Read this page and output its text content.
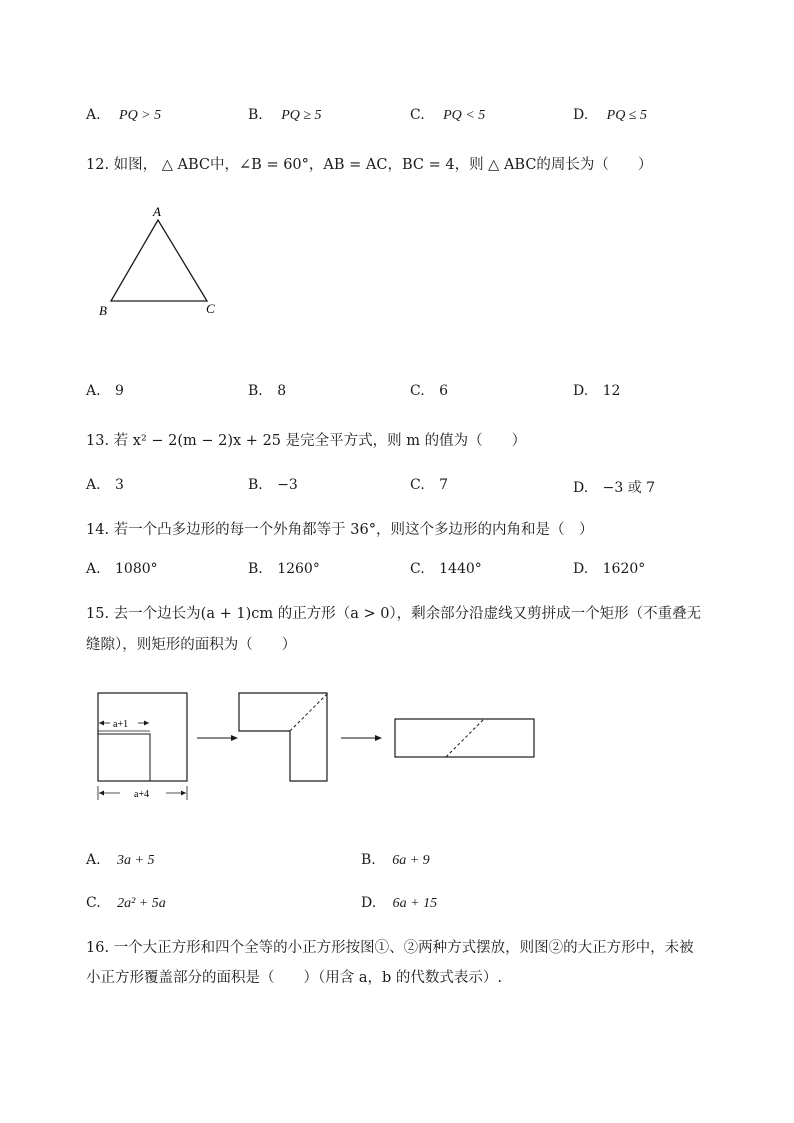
A. PQ > 5	B. PQ ≥ 5	C. PQ < 5	D. PQ ≤ 5
12. 如图， △ ABC中，∠B = 60°，AB = AC，BC = 4，则 △ ABC的周长为（　　）
A
B	C
A. 9	B. 8	C. 6	D. 12
13. 若 x² − 2(m − 2)x + 25 是完全平方式，则 m 的值为（　　）
A. 3	B. −3	C. 7	D. −3 或 7
14. 若一个凸多边形的每一个外角都等于 36°，则这个多边形的内角和是（　）
A. 1080°	B. 1260°	C. 1440°	D. 1620°
15. 去一个边长为(a + 1)cm 的正方形（a > 0），剩余部分沿虚线又剪拼成一个矩形（不重叠无
缝隙），则矩形的面积为（　　）
a+1
a+4
A. 3a + 5	B. 6a + 9
C. 2a² + 5a	D. 6a + 15
16. 一个大正方形和四个全等的小正方形按图①、②两种方式摆放，则图②的大正方形中，未被
小正方形覆盖部分的面积是（　　）（用含 a，b 的代数式表示）.
